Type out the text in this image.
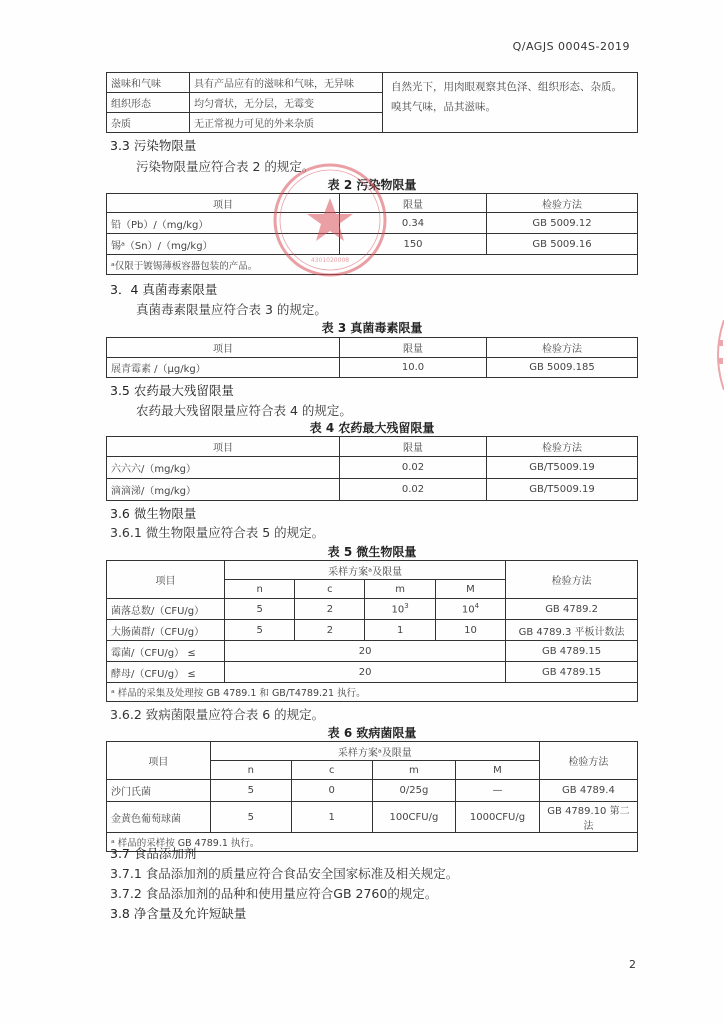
Q/AGJS 0004S-2019
滋味和气味	具有产品应有的滋味和气味，无异味	自然光下，用肉眼观察其色泽、组织形态、杂质。嗅其气味，品其滋味。
组织形态	均匀膏状，无分层，无霉变	
杂质	无正常视力可见的外来杂质	
3.3 污染物限量
污染物限量应符合表 2 的规定。
表 2 污染物限量
项目	限量	检验方法
铅（Pb）/（mg/kg）	0.34	GB 5009.12
锡ᵃ（Sn）/（mg/kg）	150	GB 5009.16
ᵃ仅限于镀锡薄板容器包装的产品。		
3．4 真菌毒素限量
真菌毒素限量应符合表 3 的规定。
表 3 真菌毒素限量
项目	限量	检验方法
展青霉素 /（μg/kg）	10.0	GB 5009.185
3.5 农药最大残留限量
农药最大残留限量应符合表 4 的规定。
表 4 农药最大残留限量
项目	限量	检验方法
六六六/（mg/kg）	0.02	GB/T5009.19
滴滴涕/（mg/kg）	0.02	GB/T5009.19
3.6 微生物限量
3.6.1 微生物限量应符合表 5 的规定。
表 5 微生物限量
项目	采样方案ᵃ及限量				检验方法
	n	c	m	M	
菌落总数/（CFU/g）	5	2	$10^3$	$10^4$	GB 4789.2
大肠菌群/（CFU/g）	5	2	1	10	GB 4789.3 平板计数法
霉菌/（CFU/g） ≤	20				GB 4789.15
酵母/（CFU/g） ≤	20				GB 4789.15
ᵃ 样品的采集及处理按 GB 4789.1 和 GB/T4789.21 执行。					
3.6.2 致病菌限量应符合表 6 的规定。
表 6 致病菌限量
项目	采样方案ᵃ及限量				检验方法
	n	c	m	M	
沙门氏菌	5	0	0/25g	—	GB 4789.4
金黄色葡萄球菌	5	1	100CFU/g	1000CFU/g	GB 4789.10 第二法
ᵃ 样品的采样按 GB 4789.1 执行。					
3.7 食品添加剂
3.7.1 食品添加剂的质量应符合食品安全国家标准及相关规定。
3.7.2 食品添加剂的品种和使用量应符合GB 2760的规定。
3.8 净含量及允许短缺量
2
4301020008
